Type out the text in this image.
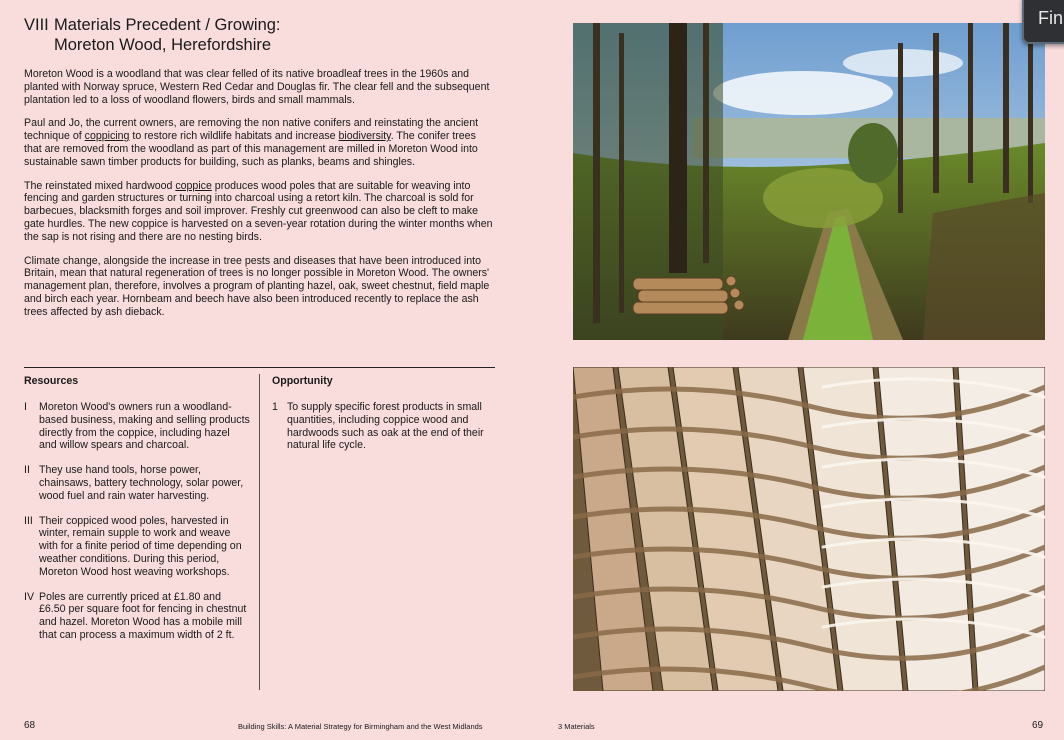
VIII Materials Precedent / Growing:
Moreton Wood, Herefordshire

Moreton Wood is a woodland that was clear felled of its native broadleaf trees in the 1960s and planted with Norway spruce, Western Red Cedar and Douglas fir. The clear fell and the subsequent plantation led to a loss of woodland flowers, birds and small mammals.

Paul and Jo, the current owners, are removing the non native conifers and reinstating the ancient technique of coppicing to restore rich wildlife habitats and increase biodiversity. The conifer trees that are removed from the woodland as part of this management are milled in Moreton Wood into sustainable sawn timber products for building, such as planks, beams and shingles.

The reinstated mixed hardwood coppice produces wood poles that are suitable for weaving into fencing and garden structures or turning into charcoal using a retort kiln. The charcoal is sold for barbecues, blacksmith forges and soil improver. Freshly cut greenwood can also be cleft to make gate hurdles. The new coppice is harvested on a seven-year rotation during the winter months when the sap is not rising and there are no nesting birds.

Climate change, alongside the increase in tree pests and diseases that have been introduced into Britain, mean that natural regeneration of trees is no longer possible in Moreton Wood. The owners' management plan, therefore, involves a program of planting hazel, oak, sweet chestnut, field maple and birch each year. Hornbeam and beech have also been introduced recently to replace the ash trees affected by ash dieback.

Resources	Opportunity
I	Moreton Wood's owners run a woodland-based business, making and selling products directly from the coppice, including hazel and willow spears and charcoal.
II They use hand tools, horse power, chainsaws, battery technology, solar power, wood fuel and rain water harvesting.
III Their coppiced wood poles, harvested in winter, remain supple to work and weave with for a finite period of time depending on weather conditions. During this period, Moreton Wood host weaving workshops.
IV Poles are currently priced at £1.80 and £6.50 per square foot for fencing in chestnut and hazel. Moreton Wood has a mobile mill that can process a maximum width of 2 ft.
1 To supply specific forest products in small quantities, including coppice wood and hardwoods such as oak at the end of their natural life cycle.
68	Building Skills: A Material Strategy for Birmingham and the West Midlands	3 Materials	69
Fin
